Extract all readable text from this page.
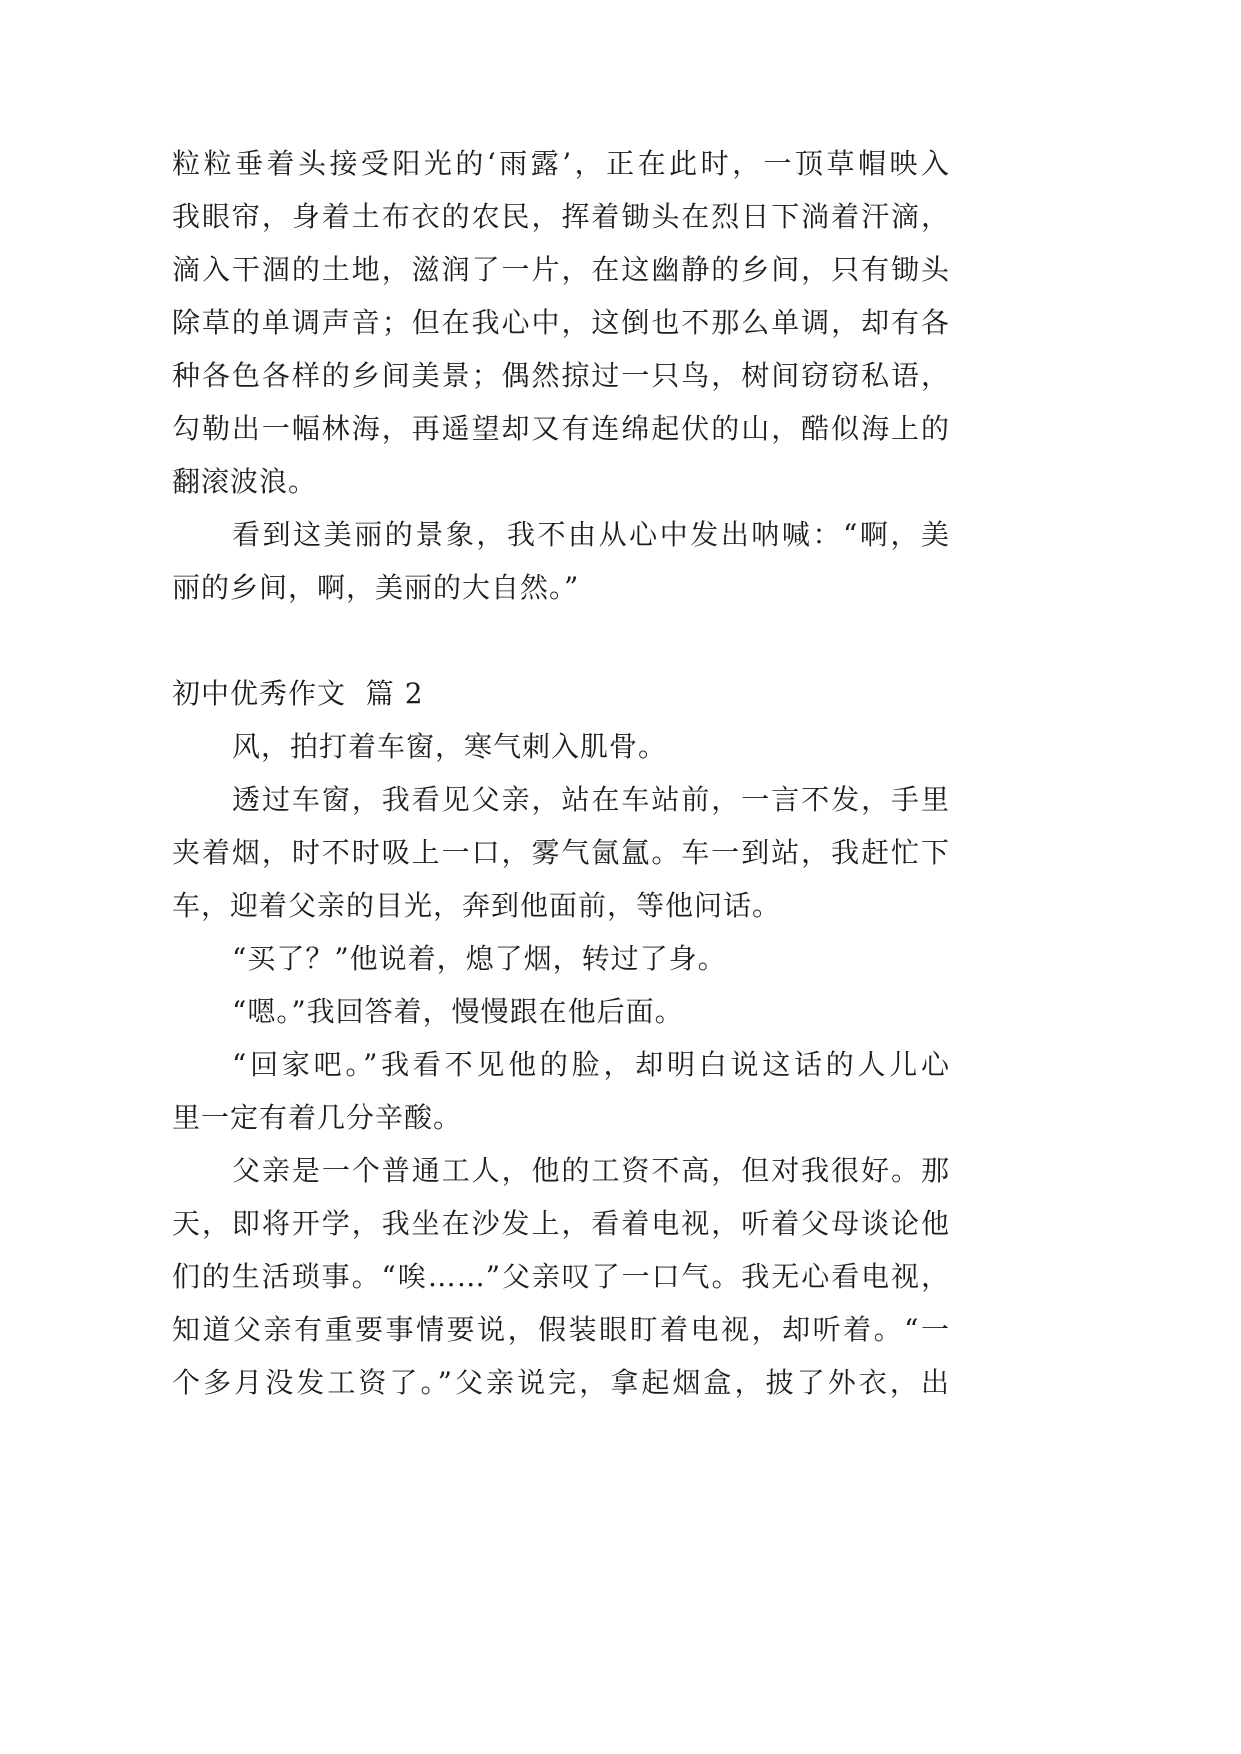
粒粒垂着头接受阳光的‘雨露’，正在此时，一顶草帽映入
我眼帘，身着土布衣的农民，挥着锄头在烈日下淌着汗滴，
滴入干涸的土地，滋润了一片，在这幽静的乡间，只有锄头
除草的单调声音；但在我心中，这倒也不那么单调，却有各
种各色各样的乡间美景；偶然掠过一只鸟，树间窃窃私语，
勾勒出一幅林海，再遥望却又有连绵起伏的山，酷似海上的
翻滚波浪。
看到这美丽的景象，我不由从心中发出呐喊：“啊，美
丽的乡间，啊，美丽的大自然。”
初中优秀作文  篇 2
风，拍打着车窗，寒气刺入肌骨。
透过车窗，我看见父亲，站在车站前，一言不发，手里
夹着烟，时不时吸上一口，雾气氤氲。车一到站，我赶忙下
车，迎着父亲的目光，奔到他面前，等他问话。
“买了？”他说着，熄了烟，转过了身。
“嗯。”我回答着，慢慢跟在他后面。
“回家吧。”我看不见他的脸，却明白说这话的人儿心
里一定有着几分辛酸。
父亲是一个普通工人，他的工资不高，但对我很好。那
天，即将开学，我坐在沙发上，看着电视，听着父母谈论他
们的生活琐事。“唉……”父亲叹了一口气。我无心看电视，
知道父亲有重要事情要说，假装眼盯着电视，却听着。“一
个多月没发工资了。”父亲说完，拿起烟盒，披了外衣，出
